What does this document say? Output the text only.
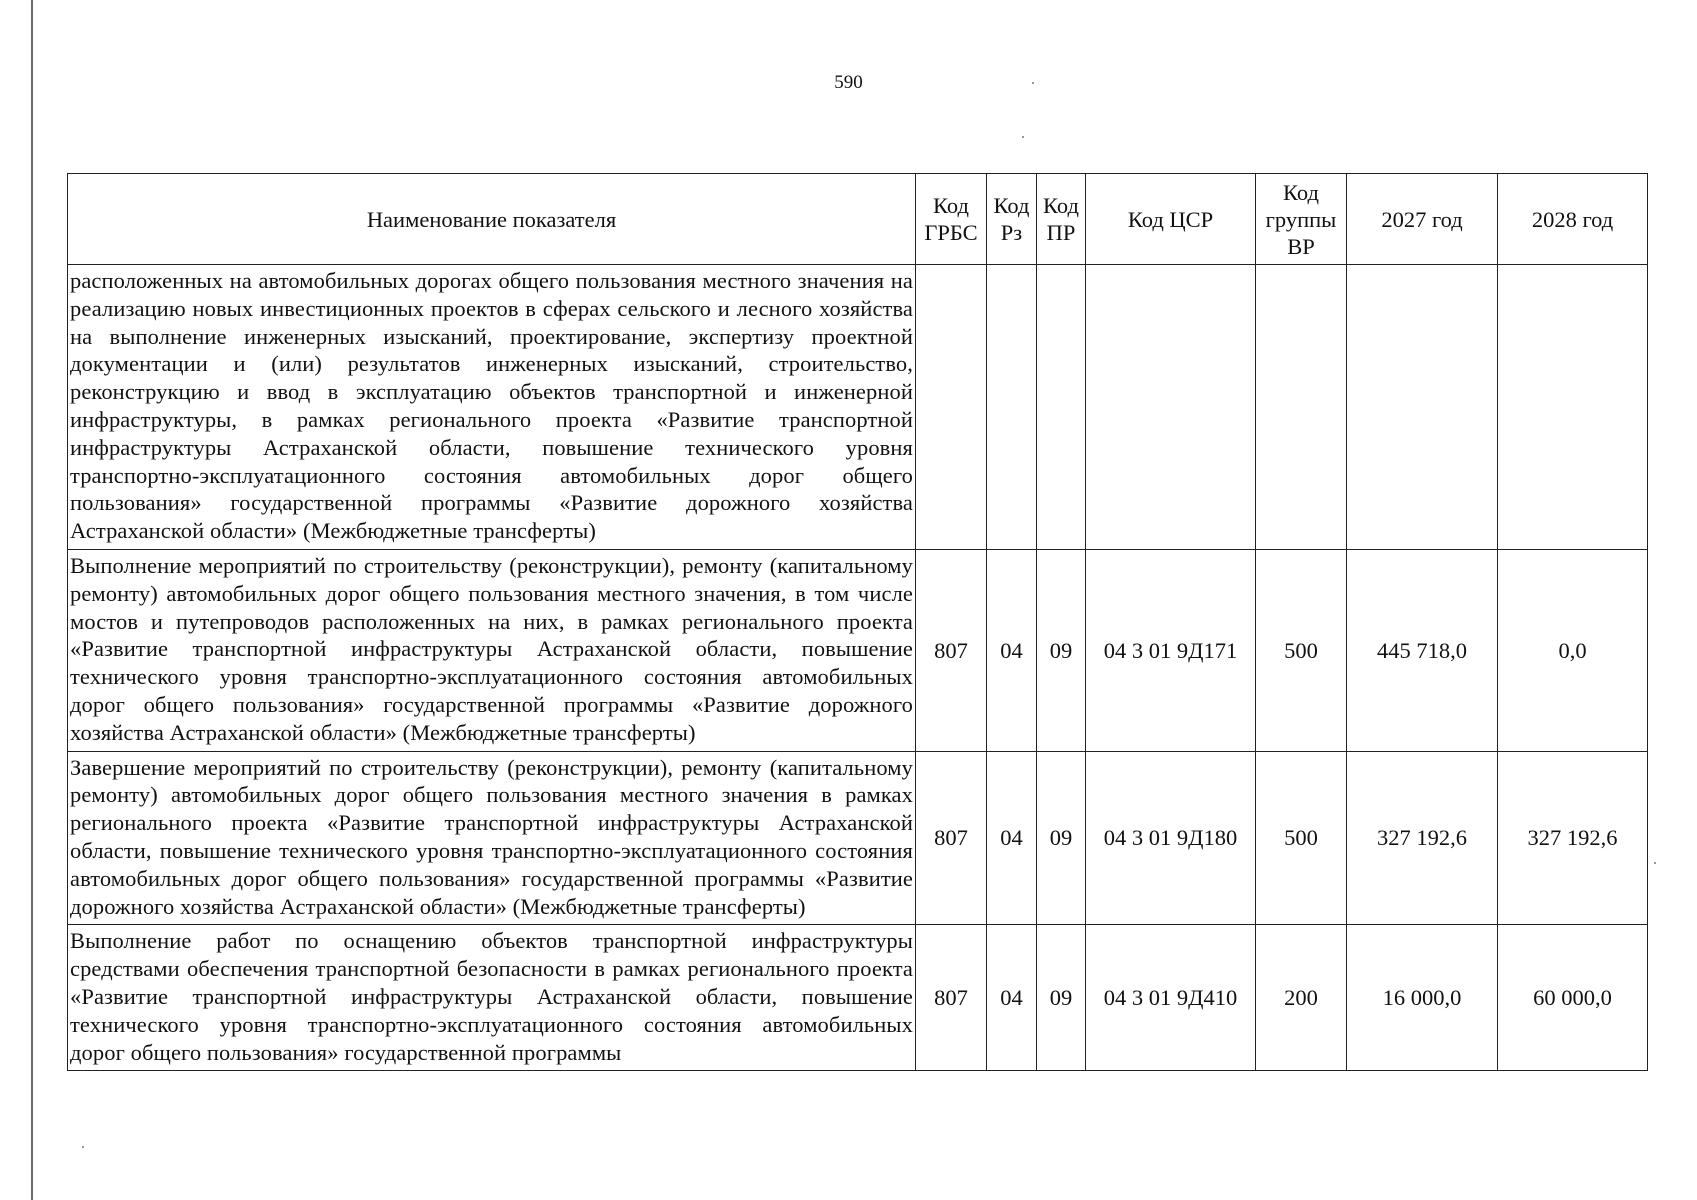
590
Наименование показателя	Код ГРБС	Код Рз	Код ПР	Код ЦСР	Код группы ВР	2027 год	2028 год
расположенных на автомобильных дорогах общего пользования местного значения на реализацию новых инвестиционных проектов в сферах сельского и лесного хозяйства на выполнение инженерных изысканий, проектирование, экспертизу проектной документации и (или) результатов инженерных изысканий, строительство, реконструкцию и ввод в эксплуатацию объектов транспортной и инженерной инфраструктуры, в рамках регионального проекта «Развитие транспортной инфраструктуры Астраханской области, повышение технического уровня транспортно-эксплуатационного состояния автомобильных дорог общего пользования» государственной программы «Развитие дорожного хозяйства Астраханской области» (Межбюджетные трансферты)							
Выполнение мероприятий по строительству (реконструкции), ремонту (капитальному ремонту) автомобильных дорог общего пользования местного значения, в том числе мостов и путепроводов расположенных на них, в рамках регионального проекта «Развитие транспортной инфраструктуры Астраханской области, повышение технического уровня транспортно-эксплуатационного состояния автомобильных дорог общего пользования» государственной программы «Развитие дорожного хозяйства Астраханской области» (Межбюджетные трансферты)	807	04	09	04 3 01 9Д171	500	445 718,0	0,0
Завершение мероприятий по строительству (реконструкции), ремонту (капитальному ремонту) автомобильных дорог общего пользования местного значения в рамках регионального проекта «Развитие транспортной инфраструктуры Астраханской области, повышение технического уровня транспортно-эксплуатационного состояния автомобильных дорог общего пользования» государственной программы «Развитие дорожного хозяйства Астраханской области» (Межбюджетные трансферты)	807	04	09	04 3 01 9Д180	500	327 192,6	327 192,6
Выполнение работ по оснащению объектов транспортной инфраструктуры средствами обеспечения транспортной безопасности в рамках регионального проекта «Развитие транспортной инфраструктуры Астраханской области, повышение технического уровня транспортно-эксплуатационного состояния автомобильных дорог общего пользования» государственной программы	807	04	09	04 3 01 9Д410	200	16 000,0	60 000,0
